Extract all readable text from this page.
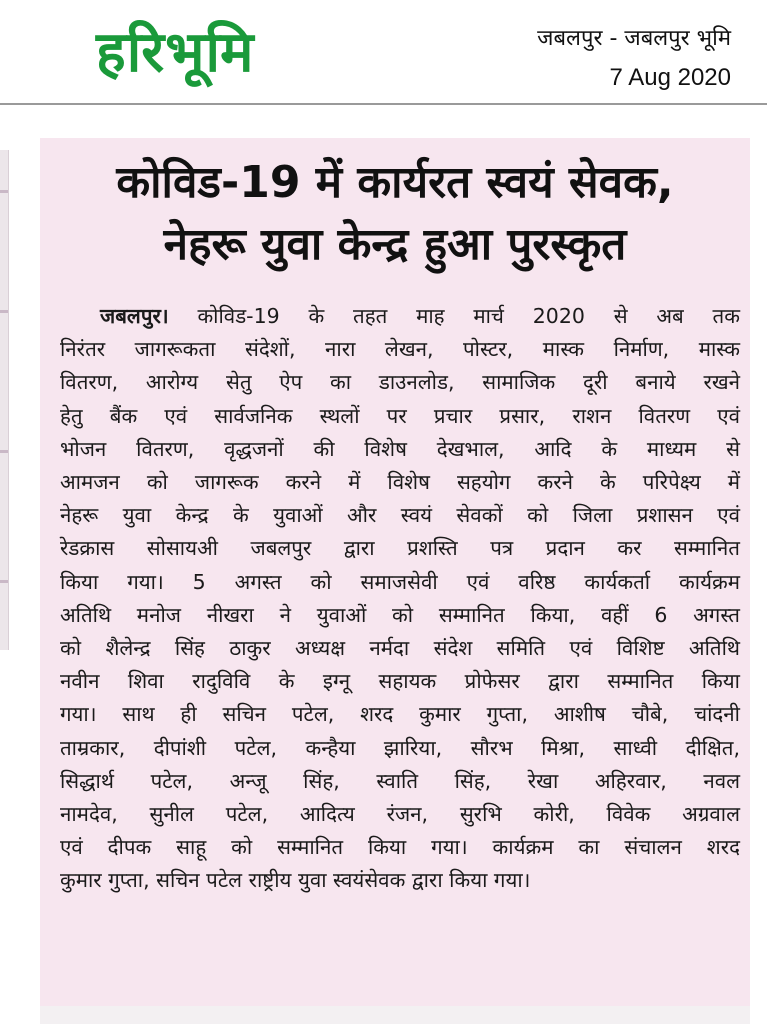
हरिभूमि	जबलपुर - जबलपुर भूमि
7 Aug 2020
कोविड-19 में कार्यरत स्वयं सेवक,
नेहरू युवा केन्द्र हुआ पुरस्कृत
जबलपुर। कोविड-19 के तहत माह मार्च 2020 से अब तक
निरंतर जागरूकता संदेशों, नारा लेखन, पोस्टर, मास्क निर्माण, मास्क
वितरण, आरोग्य सेतु ऐप का डाउनलोड, सामाजिक दूरी बनाये रखने
हेतु बैंक एवं सार्वजनिक स्थलों पर प्रचार प्रसार, राशन वितरण एवं
भोजन वितरण, वृद्धजनों की विशेष देखभाल, आदि के माध्यम से
आमजन को जागरूक करने में विशेष सहयोग करने के परिपेक्ष्य में
नेहरू युवा केन्द्र के युवाओं और स्वयं सेवकों को जिला प्रशासन एवं
रेडक्रास सोसायअी जबलपुर द्वारा प्रशस्ति पत्र प्रदान कर सम्मानित
किया गया। 5 अगस्त को समाजसेवी एवं वरिष्ठ कार्यकर्ता कार्यक्रम
अतिथि मनोज नीखरा ने युवाओं को सम्मानित किया, वहीं 6 अगस्त
को शैलेन्द्र सिंह ठाकुर अध्यक्ष नर्मदा संदेश समिति एवं विशिष्ट अतिथि
नवीन शिवा रादुविवि के इग्नू सहायक प्रोफेसर द्वारा सम्मानित किया
गया। साथ ही सचिन पटेल, शरद कुमार गुप्ता, आशीष चौबे, चांदनी
ताम्रकार, दीपांशी पटेल, कन्हैया झारिया, सौरभ मिश्रा, साध्वी दीक्षित,
सिद्धार्थ पटेल, अन्जू सिंह, स्वाति सिंह, रेखा अहिरवार, नवल
नामदेव, सुनील पटेल, आदित्य रंजन, सुरभि कोरी, विवेक अग्रवाल
एवं दीपक साहू को सम्मानित किया गया। कार्यक्रम का संचालन शरद
कुमार गुप्ता, सचिन पटेल राष्ट्रीय युवा स्वयंसेवक द्वारा किया गया।
